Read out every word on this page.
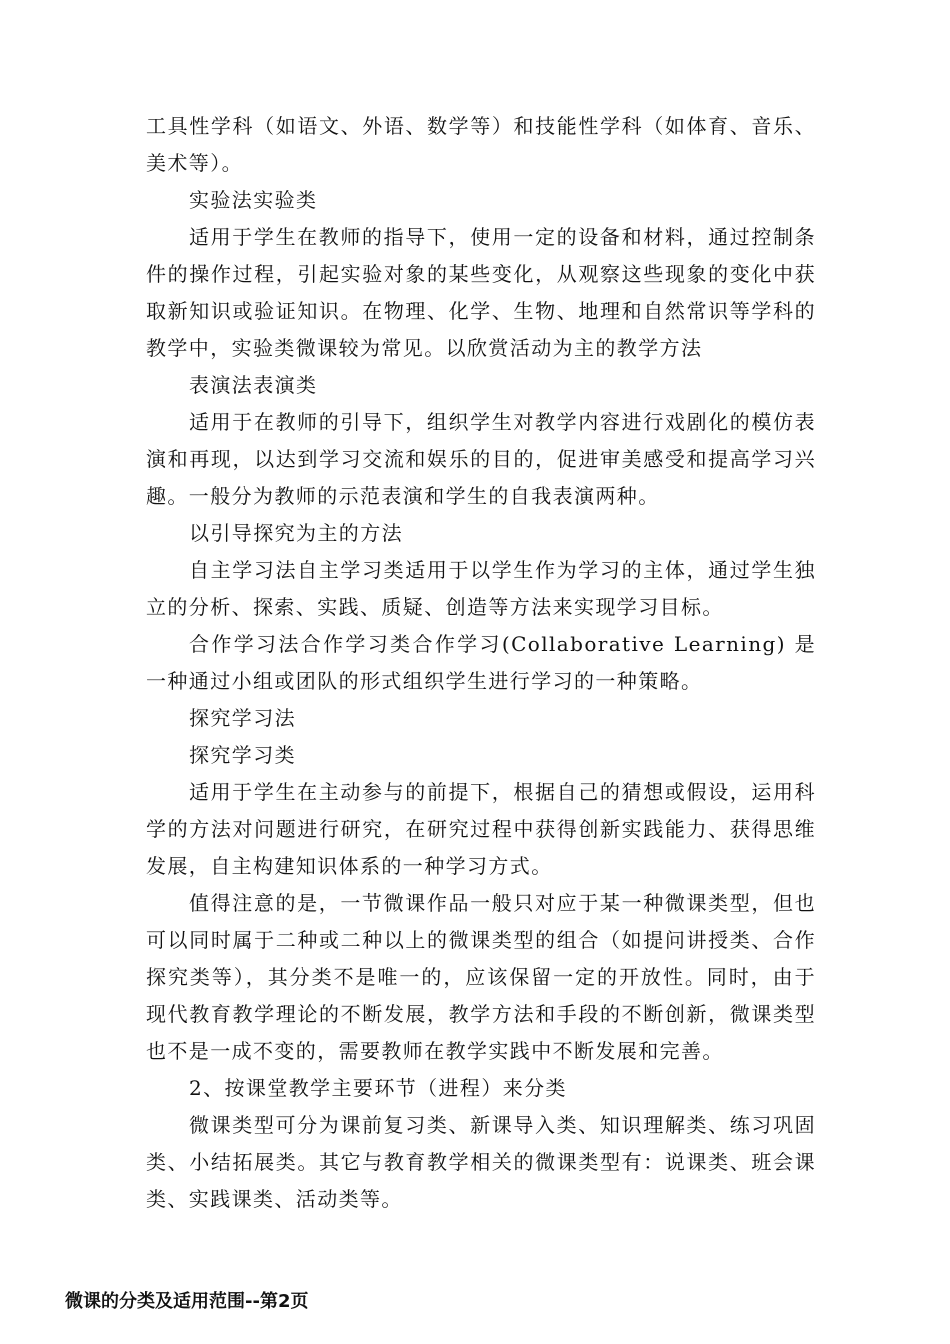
工具性学科（如语文、外语、数学等）和技能性学科（如体育、音乐、美术等）。

实验法实验类

适用于学生在教师的指导下，使用一定的设备和材料，通过控制条件的操作过程，引起实验对象的某些变化，从观察这些现象的变化中获取新知识或验证知识。在物理、化学、生物、地理和自然常识等学科的教学中，实验类微课较为常见。以欣赏活动为主的教学方法

表演法表演类

适用于在教师的引导下，组织学生对教学内容进行戏剧化的模仿表演和再现，以达到学习交流和娱乐的目的，促进审美感受和提高学习兴趣。一般分为教师的示范表演和学生的自我表演两种。

以引导探究为主的方法

自主学习法自主学习类适用于以学生作为学习的主体，通过学生独立的分析、探索、实践、质疑、创造等方法来实现学习目标。

合作学习法合作学习类合作学习(Collaborative Learning) 是一种通过小组或团队的形式组织学生进行学习的一种策略。

探究学习法

探究学习类

适用于学生在主动参与的前提下，根据自己的猜想或假设，运用科学的方法对问题进行研究，在研究过程中获得创新实践能力、获得思维发展，自主构建知识体系的一种学习方式。

值得注意的是，一节微课作品一般只对应于某一种微课类型，但也可以同时属于二种或二种以上的微课类型的组合（如提问讲授类、合作探究类等），其分类不是唯一的，应该保留一定的开放性。同时，由于现代教育教学理论的不断发展，教学方法和手段的不断创新，微课类型也不是一成不变的，需要教师在教学实践中不断发展和完善。

2、按课堂教学主要环节（进程）来分类

微课类型可分为课前复习类、新课导入类、知识理解类、练习巩固类、小结拓展类。其它与教育教学相关的微课类型有：说课类、班会课类、实践课类、活动类等。

微课的分类及适用范围--第2页
